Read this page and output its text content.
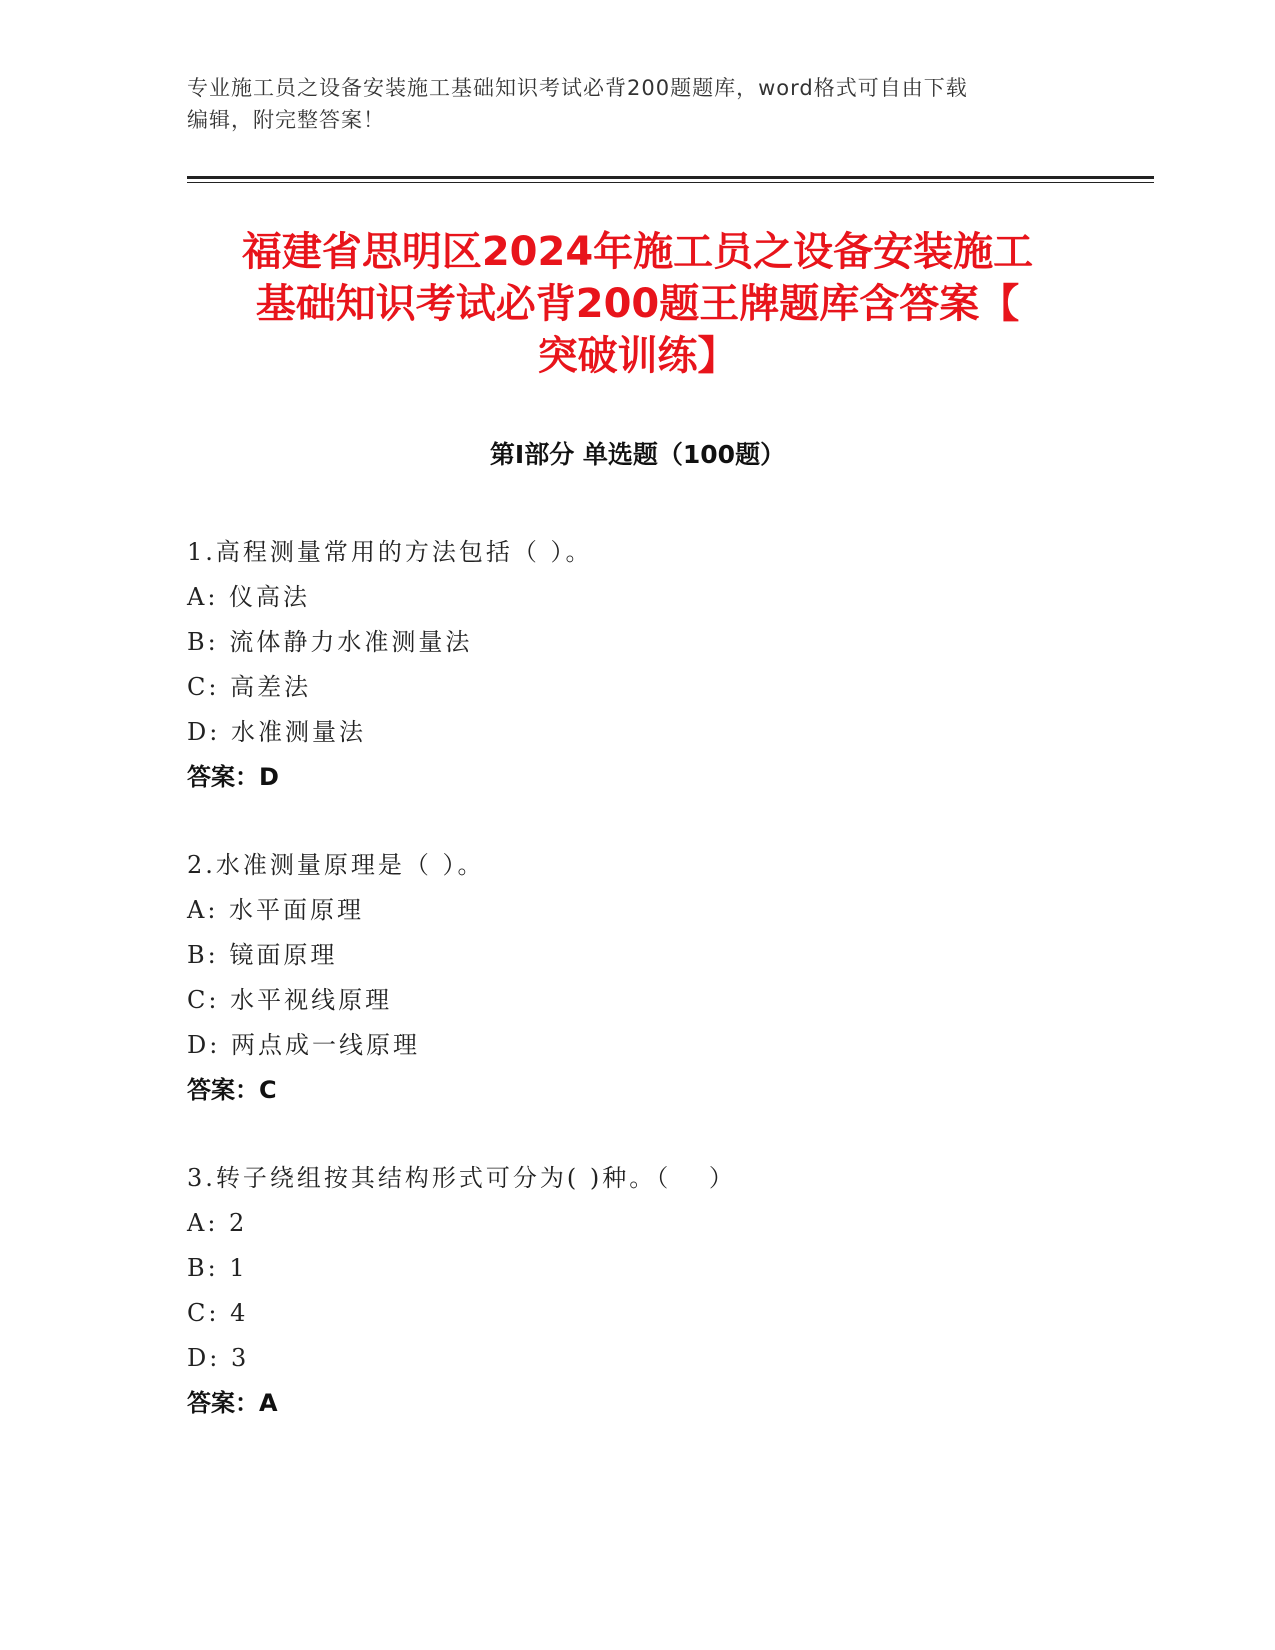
专业施工员之设备安装施工基础知识考试必背200题题库，word格式可自由下载
编辑，附完整答案！
福建省思明区2024年施工员之设备安装施工
基础知识考试必背200题王牌题库含答案【
突破训练】
第Ⅰ部分 单选题（100题）
1.高程测量常用的方法包括（ ）。
A: 仪高法
B: 流体静力水准测量法
C: 高差法
D: 水准测量法
答案：D
2.水准测量原理是（ ）。
A: 水平面原理
B: 镜面原理
C: 水平视线原理
D: 两点成一线原理
答案：C
3.转子绕组按其结构形式可分为( )种。（　 ）
A: 2
B: 1
C: 4
D: 3
答案：A
